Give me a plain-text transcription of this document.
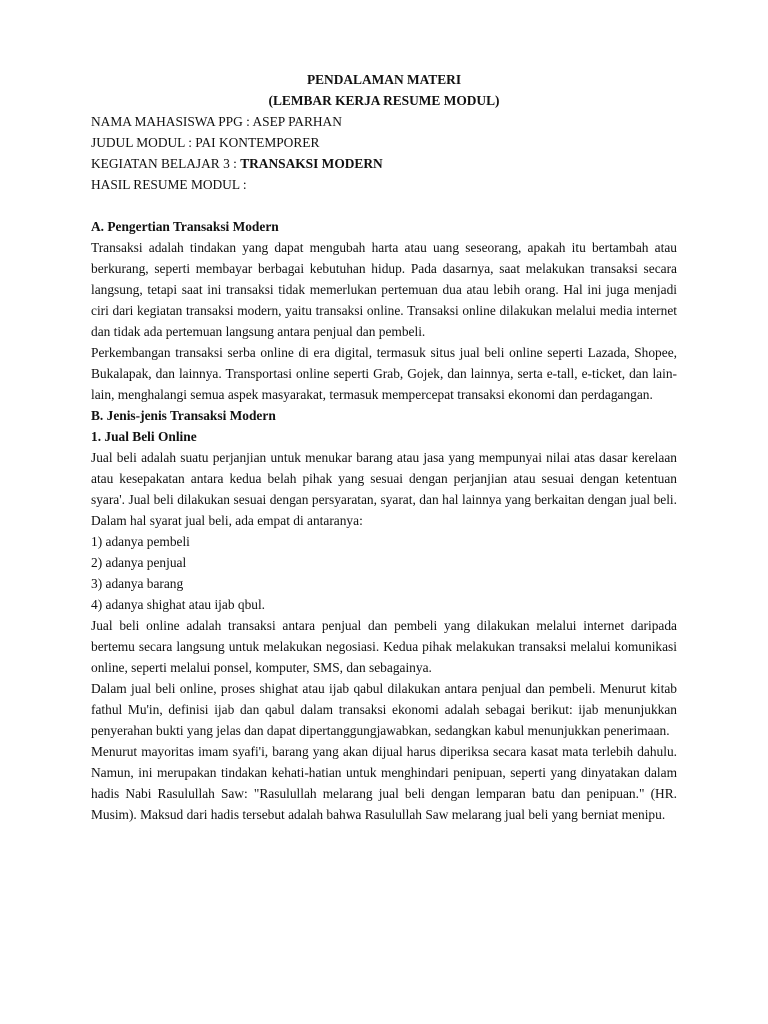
PENDALAMAN MATERI

(LEMBAR KERJA RESUME MODUL)

NAMA MAHASISWA PPG : ASEP PARHAN

JUDUL MODUL : PAI KONTEMPORER

KEGIATAN BELAJAR 3 : TRANSAKSI MODERN

HASIL RESUME MODUL :

A. Pengertian Transaksi Modern

Transaksi adalah tindakan yang dapat mengubah harta atau uang seseorang, apakah itu bertambah atau berkurang, seperti membayar berbagai kebutuhan hidup. Pada dasarnya, saat melakukan transaksi secara langsung, tetapi saat ini transaksi tidak memerlukan pertemuan dua atau lebih orang. Hal ini juga menjadi ciri dari kegiatan transaksi modern, yaitu transaksi online. Transaksi online dilakukan melalui media internet dan tidak ada pertemuan langsung antara penjual dan pembeli.

Perkembangan transaksi serba online di era digital, termasuk situs jual beli online seperti Lazada, Shopee, Bukalapak, dan lainnya. Transportasi online seperti Grab, Gojek, dan lainnya, serta e-tall, e-ticket, dan lain-lain, menghalangi semua aspek masyarakat, termasuk mempercepat transaksi ekonomi dan perdagangan.

B. Jenis-jenis Transaksi Modern

1. Jual Beli Online

Jual beli adalah suatu perjanjian untuk menukar barang atau jasa yang mempunyai nilai atas dasar kerelaan atau kesepakatan antara kedua belah pihak yang sesuai dengan perjanjian atau sesuai dengan ketentuan syara'. Jual beli dilakukan sesuai dengan persyaratan, syarat, dan hal lainnya yang berkaitan dengan jual beli. Dalam hal syarat jual beli, ada empat di antaranya:

1) adanya pembeli

2) adanya penjual

3) adanya barang

4) adanya shighat atau ijab qbul.

Jual beli online adalah transaksi antara penjual dan pembeli yang dilakukan melalui internet daripada bertemu secara langsung untuk melakukan negosiasi. Kedua pihak melakukan transaksi melalui komunikasi online, seperti melalui ponsel, komputer, SMS, dan sebagainya.

Dalam jual beli online, proses shighat atau ijab qabul dilakukan antara penjual dan pembeli. Menurut kitab fathul Mu'in, definisi ijab dan qabul dalam transaksi ekonomi adalah sebagai berikut: ijab menunjukkan penyerahan bukti yang jelas dan dapat dipertanggungjawabkan, sedangkan kabul menunjukkan penerimaan.

Menurut mayoritas imam syafi'i, barang yang akan dijual harus diperiksa secara kasat mata terlebih dahulu. Namun, ini merupakan tindakan kehati-hatian untuk menghindari penipuan, seperti yang dinyatakan dalam hadis Nabi Rasulullah Saw: "Rasulullah melarang jual beli dengan lemparan batu dan penipuan." (HR. Musim). Maksud dari hadis tersebut adalah bahwa Rasulullah Saw melarang jual beli yang berniat menipu.
